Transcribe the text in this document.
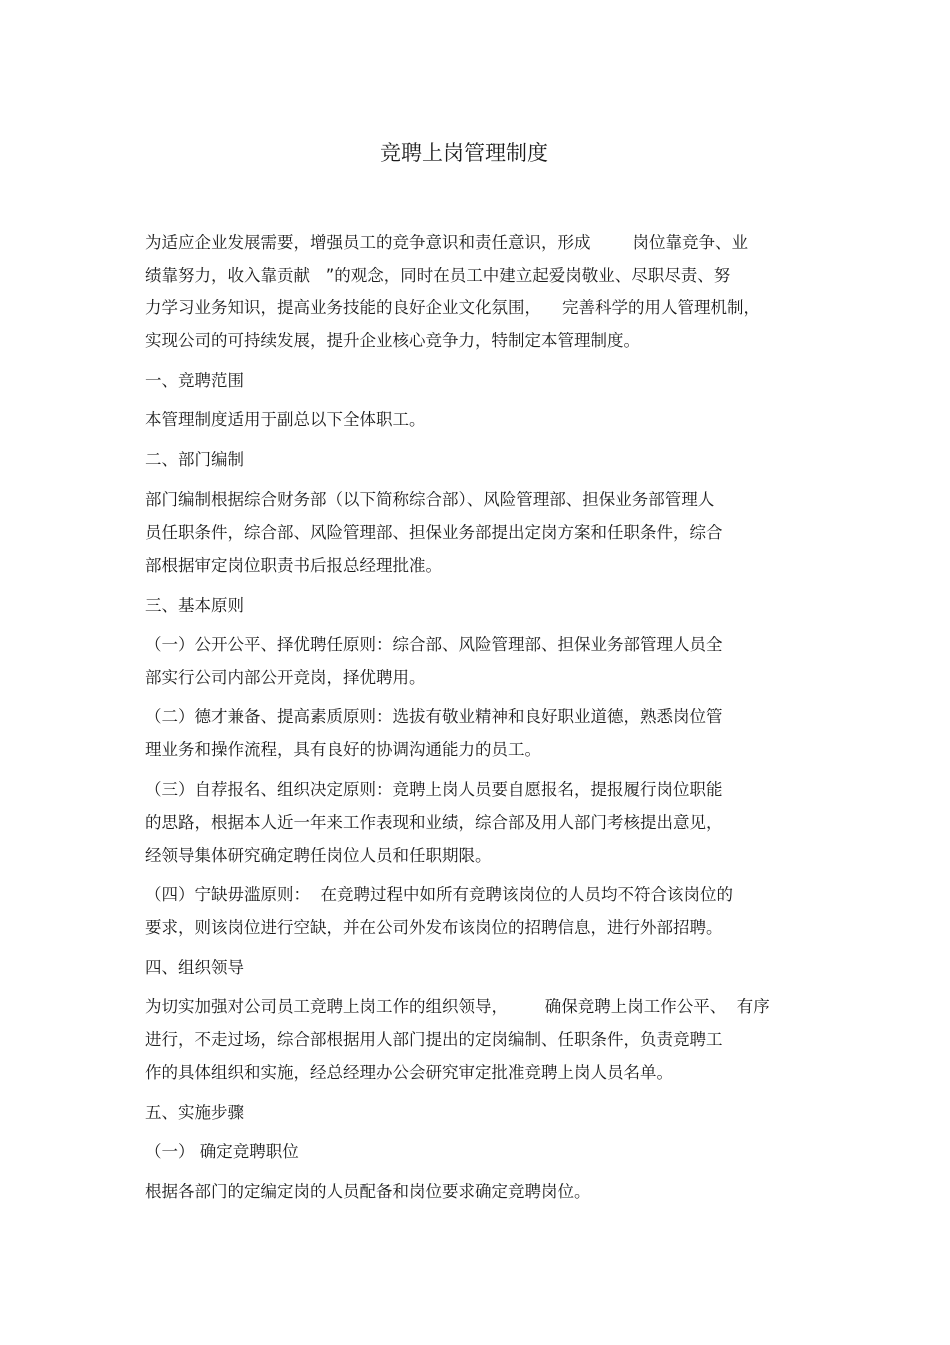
竞聘上岗管理制度
为适应企业发展需要，增强员工的竞争意识和责任意识，形成        岗位靠竞争、业
绩靠努力，收入靠贡献   ”的观念，同时在员工中建立起爱岗敬业、尽职尽责、努
力学习业务知识，提高业务技能的良好企业文化氛围，    完善科学的用人管理机制，
实现公司的可持续发展，提升企业核心竞争力，特制定本管理制度。
一、竞聘范围
本管理制度适用于副总以下全体职工。
二、部门编制
部门编制根据综合财务部（以下简称综合部）、风险管理部、担保业务部管理人
员任职条件，综合部、风险管理部、担保业务部提出定岗方案和任职条件，综合
部根据审定岗位职责书后报总经理批准。
三、基本原则
（一）公开公平、择优聘任原则：综合部、风险管理部、担保业务部管理人员全
部实行公司内部公开竞岗，择优聘用。
（二）德才兼备、提高素质原则：选拔有敬业精神和良好职业道德，熟悉岗位管
理业务和操作流程，具有良好的协调沟通能力的员工。
（三）自荐报名、组织决定原则：竞聘上岗人员要自愿报名，提报履行岗位职能
的思路，根据本人近一年来工作表现和业绩，综合部及用人部门考核提出意见，
经领导集体研究确定聘任岗位人员和任职期限。
（四）宁缺毋滥原则：  在竞聘过程中如所有竞聘该岗位的人员均不符合该岗位的
要求，则该岗位进行空缺，并在公司外发布该岗位的招聘信息，进行外部招聘。
四、组织领导
为切实加强对公司员工竞聘上岗工作的组织领导，       确保竞聘上岗工作公平、  有序
进行，不走过场，综合部根据用人部门提出的定岗编制、任职条件，负责竞聘工
作的具体组织和实施，经总经理办公会研究审定批准竞聘上岗人员名单。
五、实施步骤
（一） 确定竞聘职位
根据各部门的定编定岗的人员配备和岗位要求确定竞聘岗位。
